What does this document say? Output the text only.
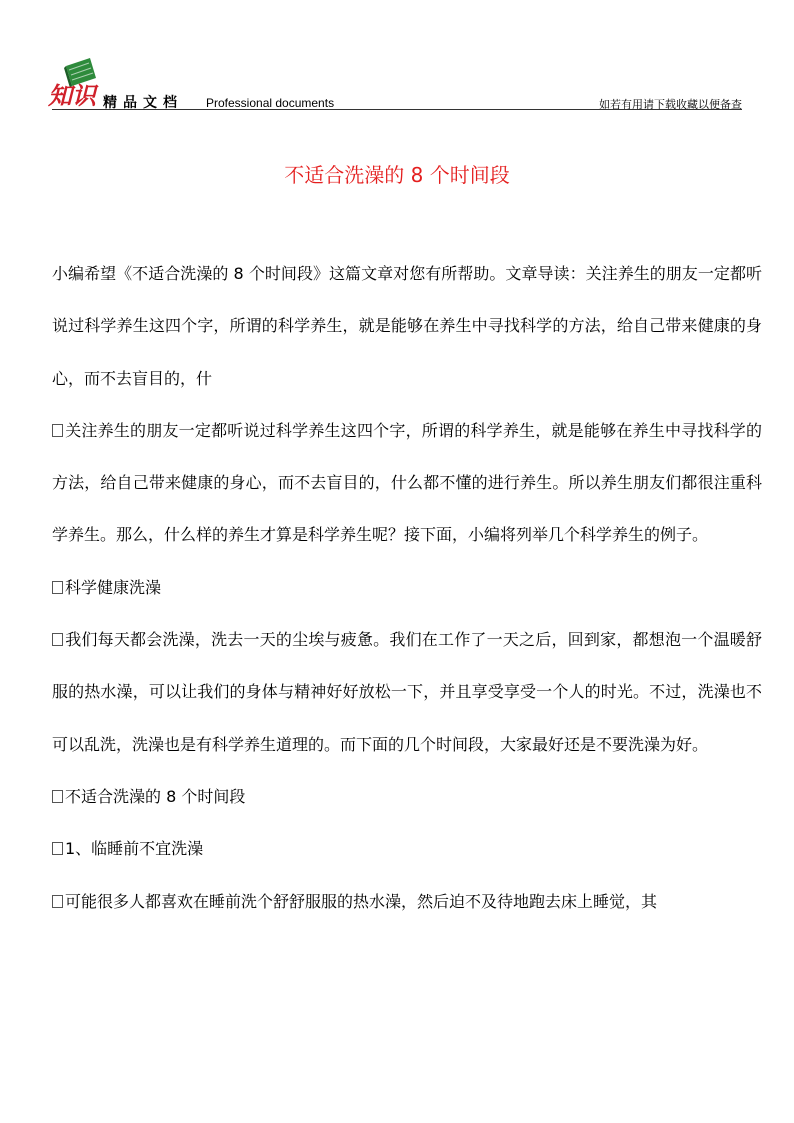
知识 精品文档 Professional documents	如若有用请下载收藏以便备查
不适合洗澡的 8 个时间段

小编希望《不适合洗澡的 8 个时间段》这篇文章对您有所帮助。文章导读：关注养生的朋友一定都听说过科学养生这四个字，所谓的科学养生，就是能够在养生中寻找科学的方法，给自己带来健康的身心，而不去盲目的，什

关注养生的朋友一定都听说过科学养生这四个字，所谓的科学养生，就是能够在养生中寻找科学的方法，给自己带来健康的身心，而不去盲目的，什么都不懂的进行养生。所以养生朋友们都很注重科学养生。那么，什么样的养生才算是科学养生呢？接下面，小编将列举几个科学养生的例子。

科学健康洗澡

我们每天都会洗澡，洗去一天的尘埃与疲惫。我们在工作了一天之后，回到家，都想泡一个温暖舒服的热水澡，可以让我们的身体与精神好好放松一下，并且享受享受一个人的时光。不过，洗澡也不可以乱洗，洗澡也是有科学养生道理的。而下面的几个时间段，大家最好还是不要洗澡为好。

不适合洗澡的 8 个时间段

1、临睡前不宜洗澡

可能很多人都喜欢在睡前洗个舒舒服服的热水澡，然后迫不及待地跑去床上睡觉，其
